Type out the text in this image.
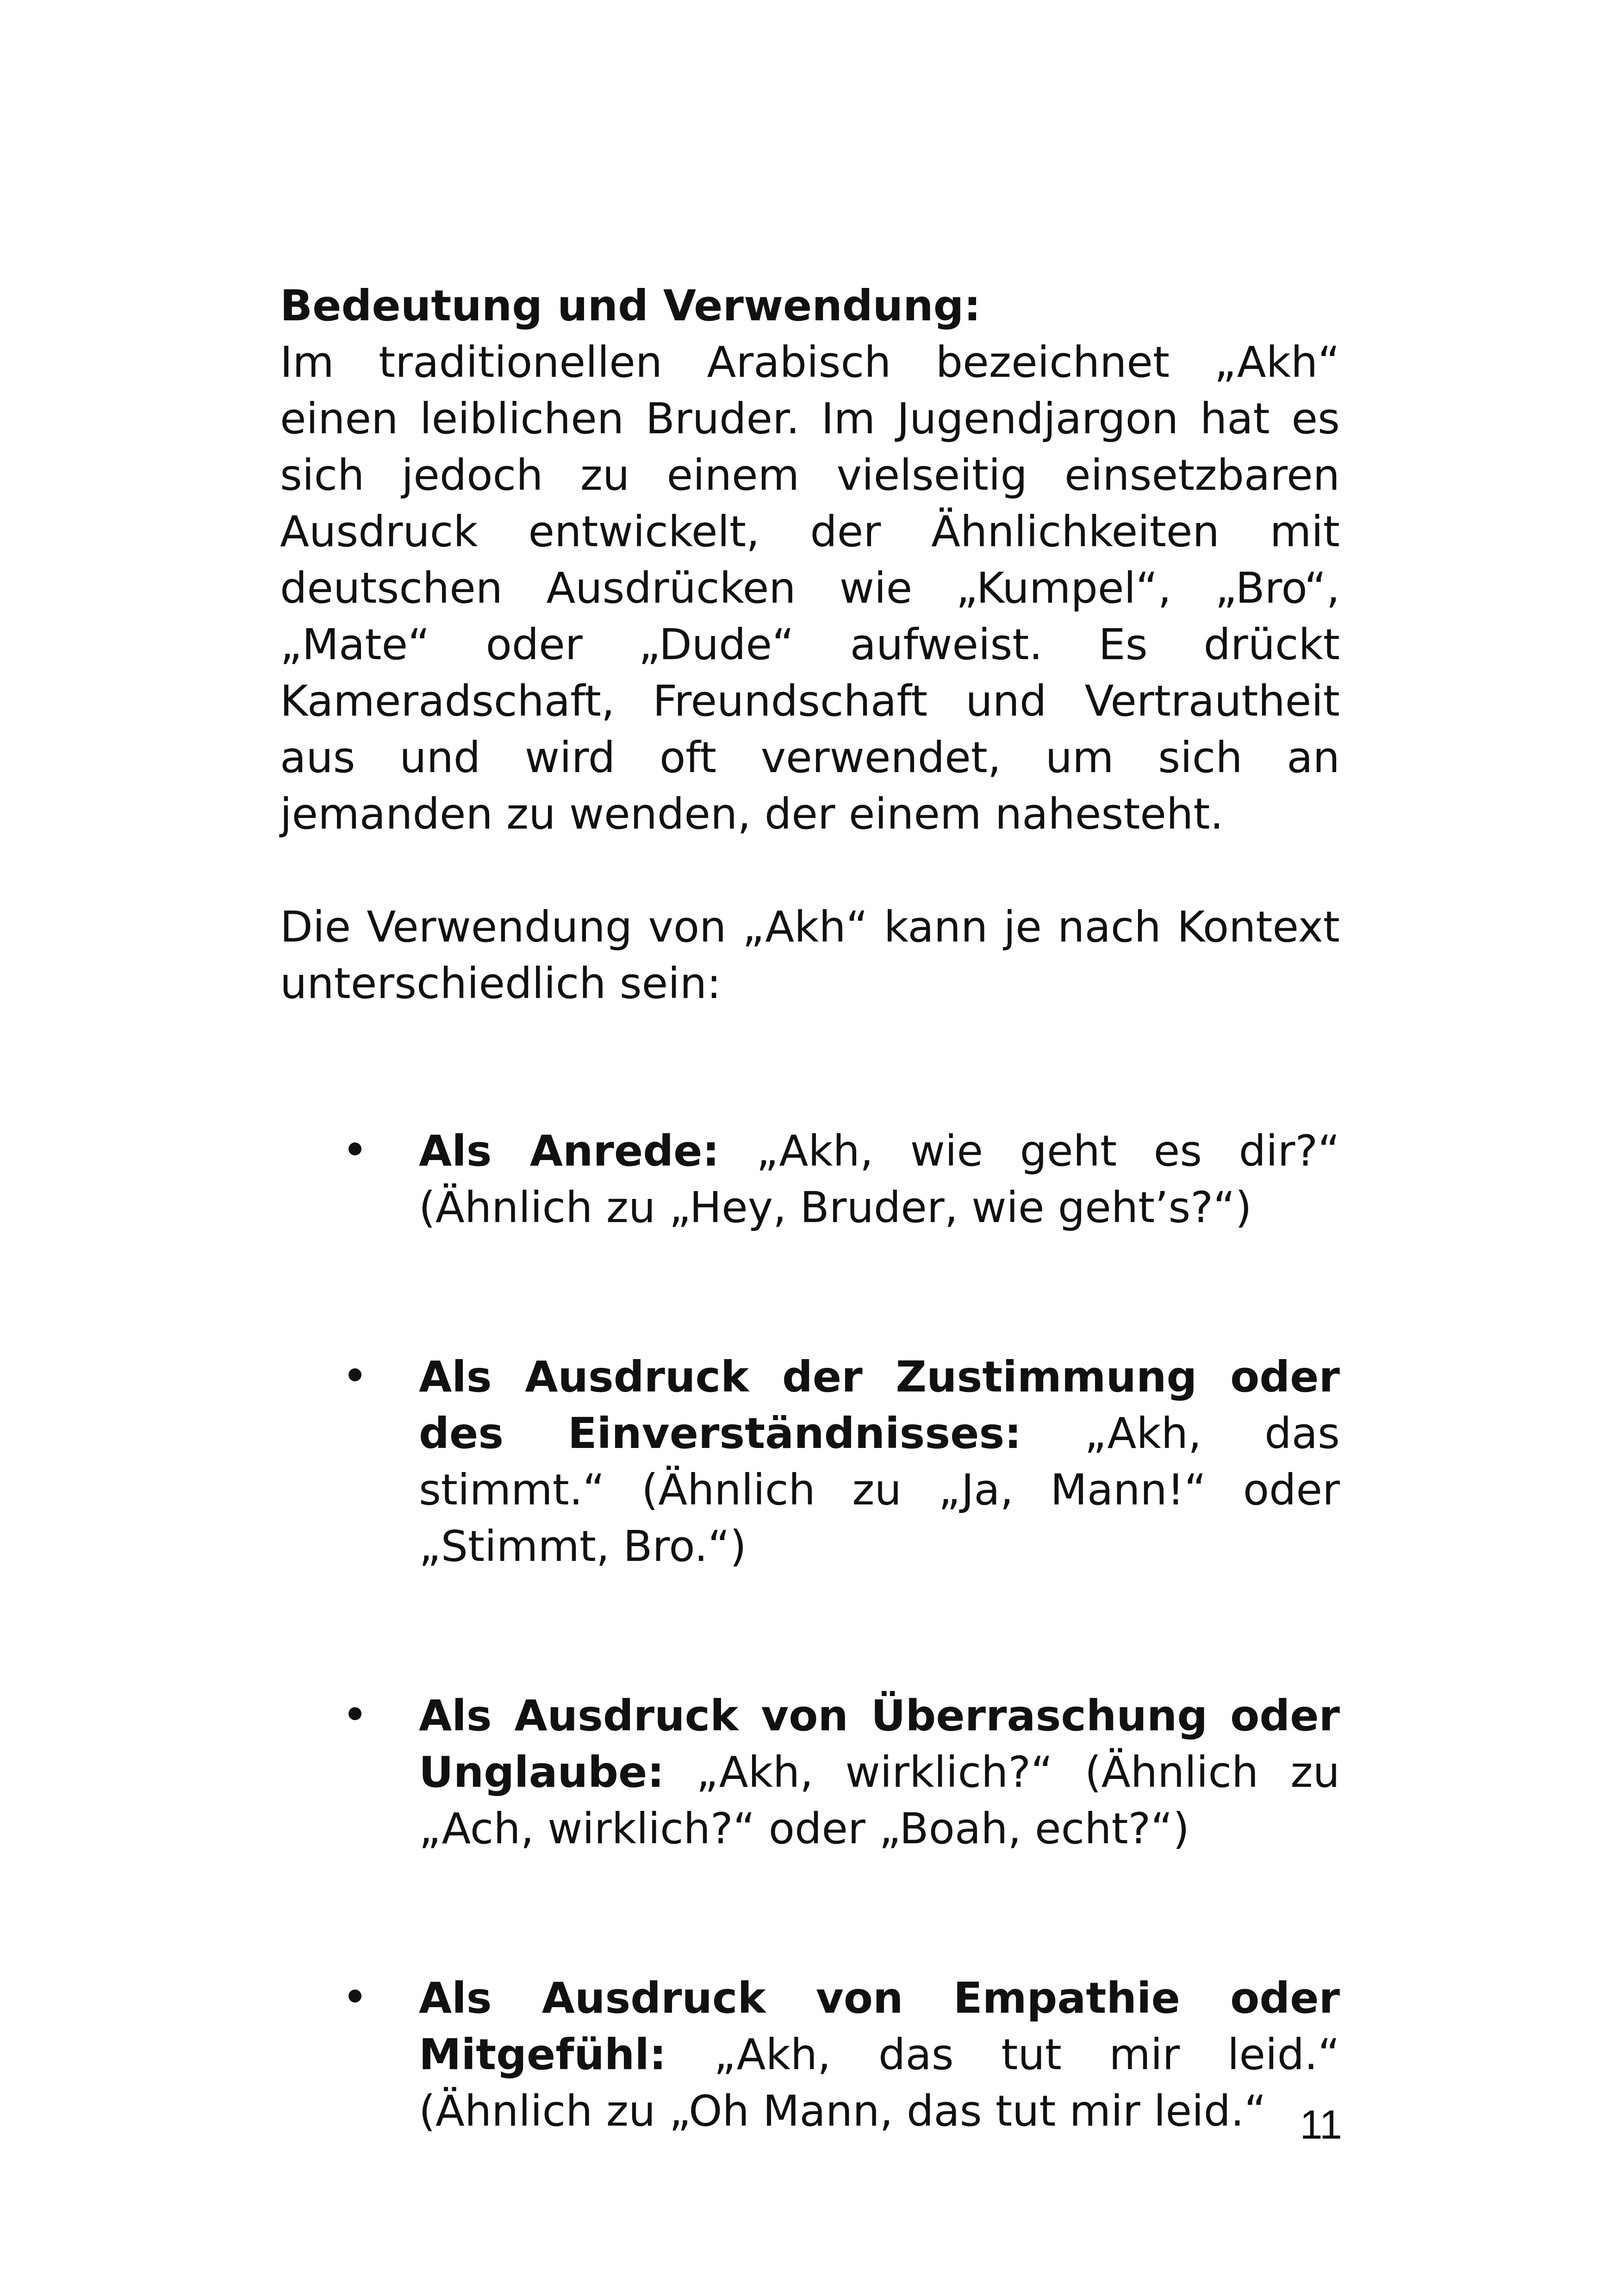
Bedeutung und Verwendung:

Im traditionellen Arabisch bezeichnet „Akh“ einen leiblichen Bruder. Im Jugendjargon hat es sich jedoch zu einem vielseitig einsetzbaren Ausdruck entwickelt, der Ähnlichkeiten mit deutschen Ausdrücken wie „Kumpel“, „Bro“, „Mate“ oder „Dude“ aufweist. Es drückt Kameradschaft, Freundschaft und Vertrautheit aus und wird oft verwendet, um sich an jemanden zu wenden, der einem nahesteht.

Die Verwendung von „Akh“ kann je nach Kontext unterschiedlich sein:

Als Anrede: „Akh, wie geht es dir?“ (Ähnlich zu „Hey, Bruder, wie geht’s?“)
Als Ausdruck der Zustimmung oder des Einverständnisses: „Akh, das stimmt.“ (Ähnlich zu „Ja, Mann!“ oder „Stimmt, Bro.“)
Als Ausdruck von Überraschung oder Unglaube: „Akh, wirklich?“ (Ähnlich zu „Ach, wirklich?“ oder „Boah, echt?“)
Als Ausdruck von Empathie oder Mitgefühl: „Akh, das tut mir leid.“ (Ähnlich zu „Oh Mann, das tut mir leid.“ 11
